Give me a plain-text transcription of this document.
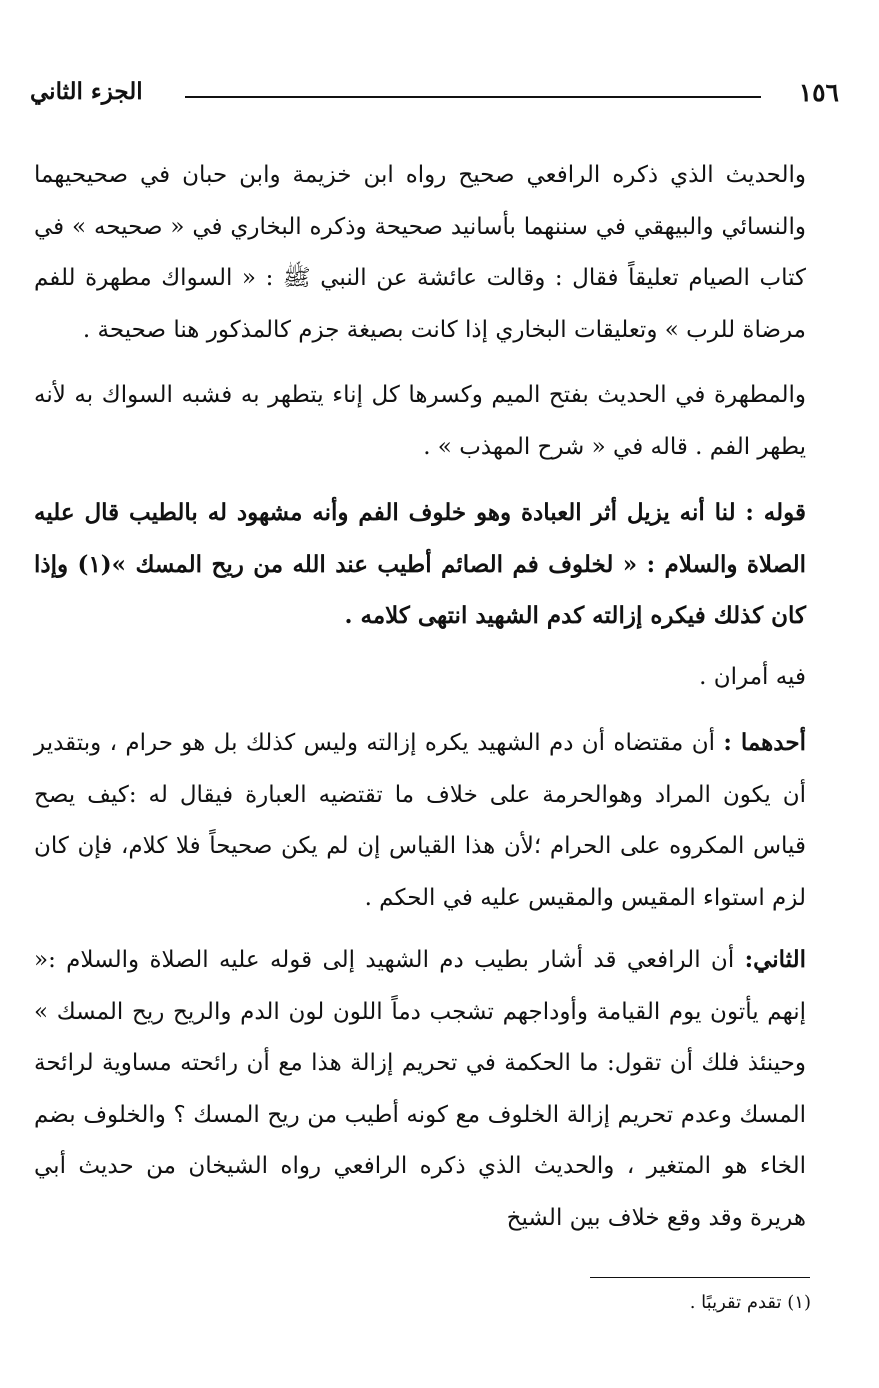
١٥٦
الجزء الثاني

والحديث الذي ذكره الرافعي صحيح رواه ابن خزيمة وابن حبان في صحيحيهما والنسائي والبيهقي في سننهما بأسانيد صحيحة وذكره البخاري في « صحيحه » في كتاب الصيام تعليقاً فقال : وقالت عائشة عن النبي ﷺ : « السواك مطهرة للفم مرضاة للرب » وتعليقات البخاري إذا كانت بصيغة جزم كالمذكور هنا صحيحة .

والمطهرة في الحديث بفتح الميم وكسرها كل إناء يتطهر به فشبه السواك به لأنه يطهر الفم . قاله في « شرح المهذب » .

قوله : لنا أنه يزيل أثر العبادة وهو خلوف الفم وأنه مشهود له بالطيب قال عليه الصلاة والسلام : « لخلوف فم الصائم أطيب عند الله من ريح المسك »(١) وإذا كان كذلك فيكره إزالته كدم الشهيد انتهى كلامه .

فيه أمران .

أحدهما : أن مقتضاه أن دم الشهيد يكره إزالته وليس كذلك بل هو حرام ، وبتقدير أن يكون المراد وهوالحرمة على خلاف ما تقتضيه العبارة فيقال له :كيف يصح قياس المكروه على الحرام ؛لأن هذا القياس إن لم يكن صحيحاً فلا كلام، فإن كان لزم استواء المقيس والمقيس عليه في الحكم .

الثاني: أن الرافعي قد أشار بطيب دم الشهيد إلى قوله عليه الصلاة والسلام :« إنهم يأتون يوم القيامة وأوداجهم تشجب دماً اللون لون الدم والريح ريح المسك » وحينئذ فلك أن تقول: ما الحكمة في تحريم إزالة هذا مع أن رائحته مساوية لرائحة المسك وعدم تحريم إزالة الخلوف مع كونه أطيب من ريح المسك ؟ والخلوف بضم الخاء هو المتغير ، والحديث الذي ذكره الرافعي رواه الشيخان من حديث أبي هريرة وقد وقع خلاف بين الشيخ

(١) تقدم تقريبًا .
